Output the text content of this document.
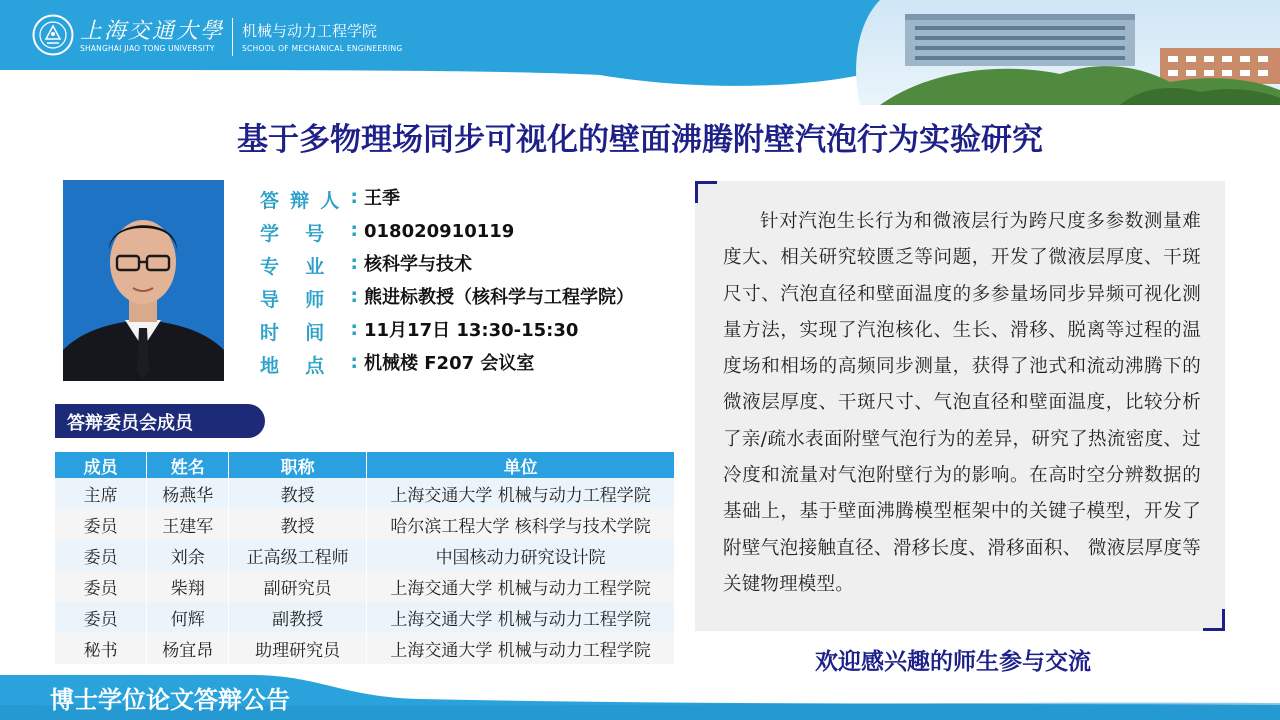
上海交通大學
SHANGHAI JIAO TONG UNIVERSITY
机械与动力工程学院
SCHOOL OF MECHANICAL ENGINEERING
基于多物理场同步可视化的壁面沸腾附壁汽泡行为实验研究
答 辩 人 : 王季
学 号 : 018020910119
专 业 : 核科学与技术
导 师 : 熊进标教授（核科学与工程学院）
时 间 : 11月17日 13:30-15:30
地 点 : 机械楼 F207 会议室
答辩委员会成员
成员	姓名	职称	单位
主席	杨燕华	教授	上海交通大学 机械与动力工程学院
委员	王建军	教授	哈尔滨工程大学 核科学与技术学院
委员	刘余	正高级工程师	中国核动力研究设计院
委员	柴翔	副研究员	上海交通大学 机械与动力工程学院
委员	何辉	副教授	上海交通大学 机械与动力工程学院
秘书	杨宜昂	助理研究员	上海交通大学 机械与动力工程学院
针对汽泡生长行为和微液层行为跨尺度多参数测量难度大、相关研究较匮乏等问题，开发了微液层厚度、干斑尺寸、汽泡直径和壁面温度的多参量场同步异频可视化测量方法，实现了汽泡核化、生长、滑移、脱离等过程的温度场和相场的高频同步测量，获得了池式和流动沸腾下的微液层厚度、干斑尺寸、气泡直径和壁面温度，比较分析了亲/疏水表面附壁气泡行为的差异，研究了热流密度、过冷度和流量对气泡附壁行为的影响。在高时空分辨数据的基础上，基于壁面沸腾模型框架中的关键子模型，开发了附壁气泡接触直径、滑移长度、滑移面积、 微液层厚度等关键物理模型。
欢迎感兴趣的师生参与交流
博士学位论文答辩公告
